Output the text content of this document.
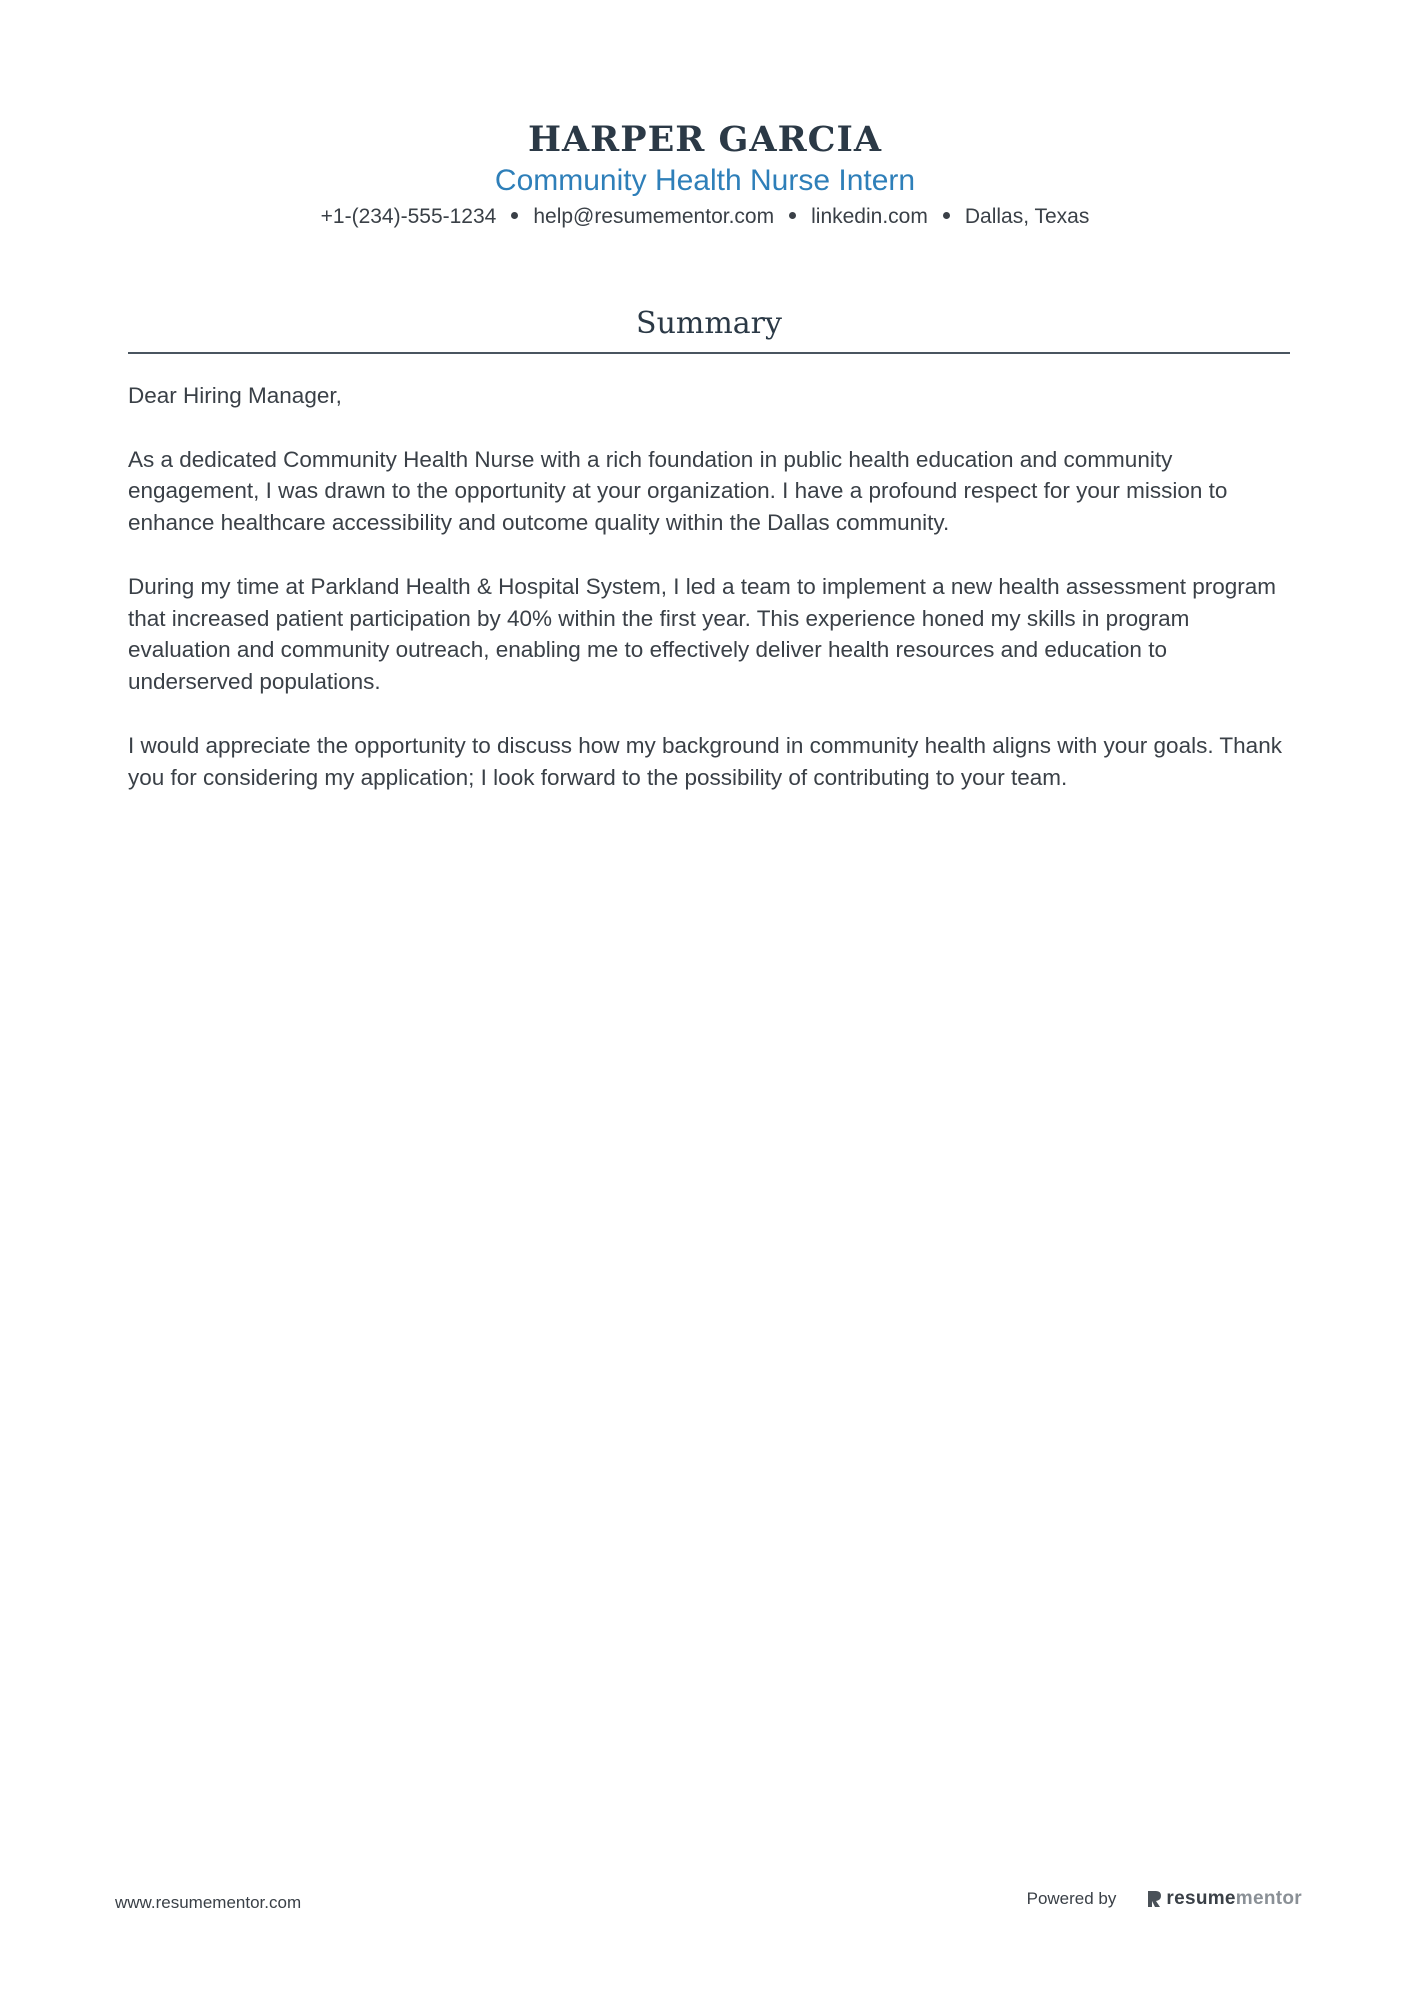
HARPER GARCIA
Community Health Nurse Intern
+1-(234)-555-1234 help@resumementor.com linkedin.com Dallas, Texas
Summary

Dear Hiring Manager,

As a dedicated Community Health Nurse with a rich foundation in public health education and community engagement, I was drawn to the opportunity at your organization. I have a profound respect for your mission to enhance healthcare accessibility and outcome quality within the Dallas community.

During my time at Parkland Health & Hospital System, I led a team to implement a new health assessment program that increased patient participation by 40% within the first year. This experience honed my skills in program evaluation and community outreach, enabling me to effectively deliver health resources and education to underserved populations.

I would appreciate the opportunity to discuss how my background in community health aligns with your goals. Thank you for considering my application; I look forward to the possibility of contributing to your team.

www.resumementor.com	Powered by	resume mentor
